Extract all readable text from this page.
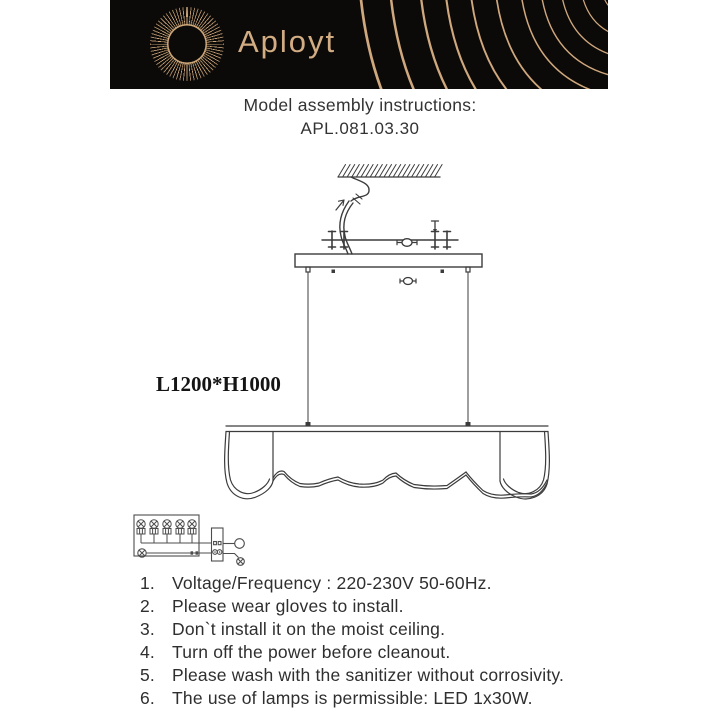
Aployt
Model assembly instructions:
APL.081.03.30
L1200*H1000
1. Voltage/Frequency : 220-230V 50-60Hz.
2. Please wear gloves to install.
3. Don`t install it on the moist ceiling.
4. Turn off the power before cleanout.
5. Please wash with the sanitizer without corrosivity.
6. The use of lamps is permissible: LED 1x30W.
